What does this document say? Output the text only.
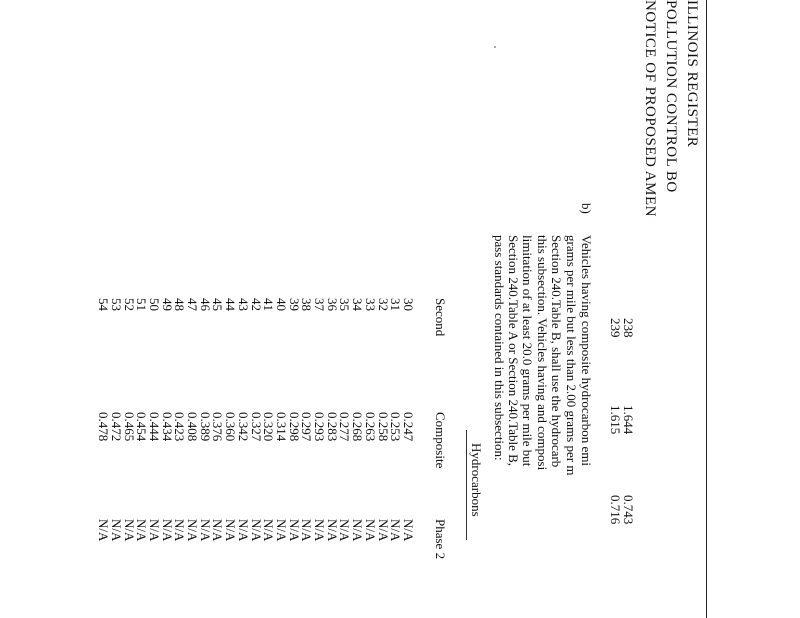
ILLINOIS REGISTER
POLLUTION CONTROL BO
NOTICE OF PROPOSED AMEN
238
1.644
0.743
239
1.615
0.716
b)
Vehicles having composite hydrocarbon emi
grams per mile but less than 2.00 grams per m
Section 240.Table B, shall use the hydrocarb
this subsection. Vehicles having and composi
limitation of at least 20.0 grams per mile but
Section 240.Table A or Section 240.Table B,
pass standards contained in this subsection:
Hydrocarbons
Second
Composite
Phase 2
30
0.247
N/A
31
0.253
N/A
32
0.258
N/A
33
0.263
N/A
34
0.268
N/A
35
0.277
N/A
36
0.283
N/A
37
0.293
N/A
38
0.297
N/A
39
0.298
N/A
40
0.314
N/A
41
0.320
N/A
42
0.327
N/A
43
0.342
N/A
44
0.360
N/A
45
0.376
N/A
46
0.389
N/A
47
0.408
N/A
48
0.423
N/A
49
0.434
N/A
50
0.444
N/A
51
0.454
N/A
52
0.465
N/A
53
0.472
N/A
54
0.478
N/A
